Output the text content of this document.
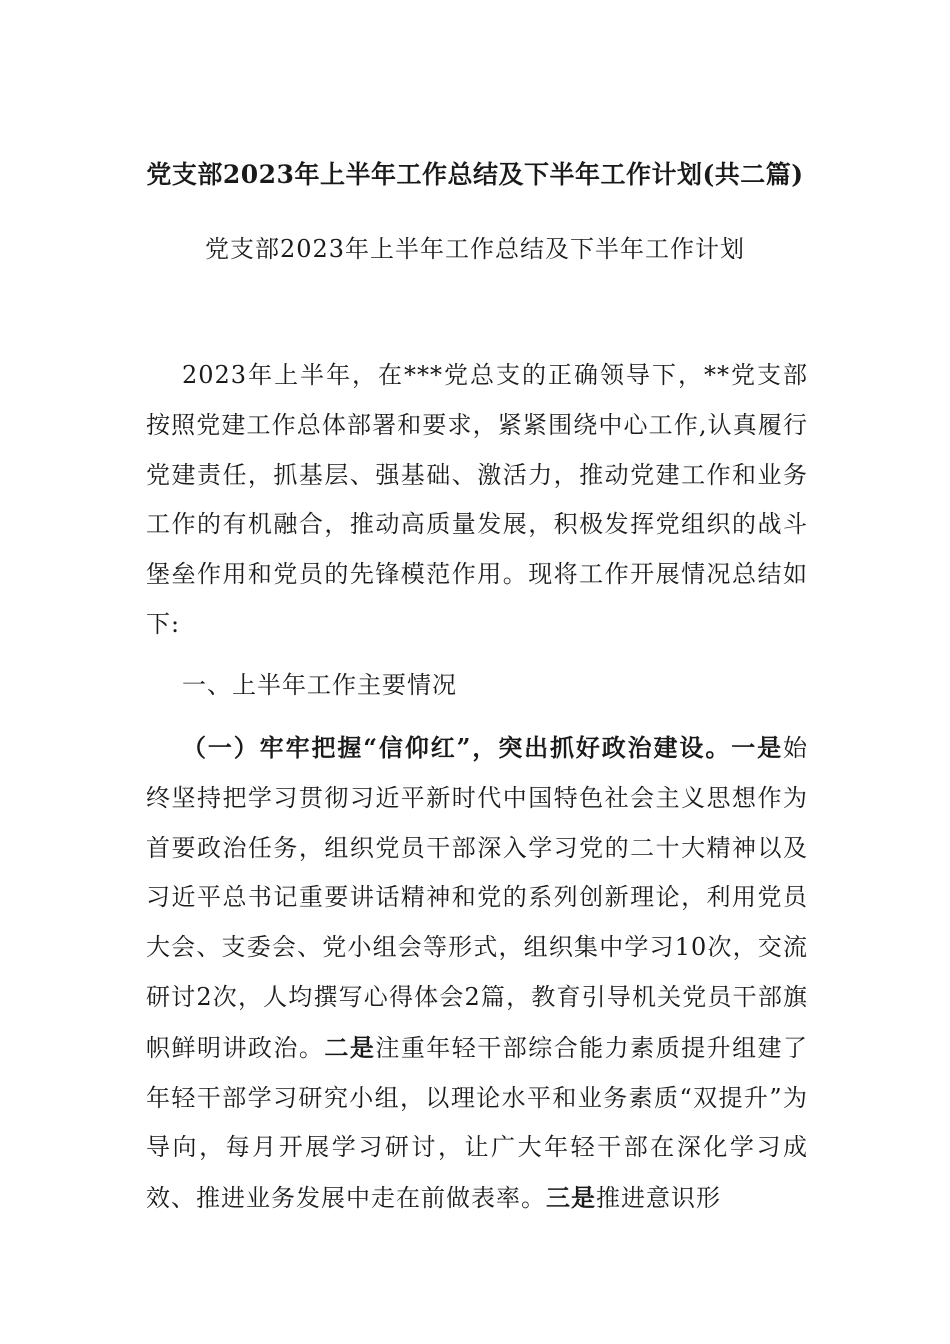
党支部2023年上半年工作总结及下半年工作计划(共二篇)
党支部2023年上半年工作总结及下半年工作计划

2023年上半年，在***党总支的正确领导下，**党支部按照党建工作总体部署和要求，紧紧围绕中心工作,认真履行党建责任，抓基层、强基础、激活力，推动党建工作和业务工作的有机融合，推动高质量发展，积极发挥党组织的战斗堡垒作用和党员的先锋模范作用。现将工作开展情况总结如下:

一、上半年工作主要情况

（一）牢牢把握“信仰红”，突出抓好政治建设。一是始终坚持把学习贯彻习近平新时代中国特色社会主义思想作为首要政治任务，组织党员干部深入学习党的二十大精神以及习近平总书记重要讲话精神和党的系列创新理论，利用党员大会、支委会、党小组会等形式，组织集中学习10次，交流研讨2次，人均撰写心得体会2篇，教育引导机关党员干部旗帜鲜明讲政治。二是注重年轻干部综合能力素质提升组建了年轻干部学习研究小组，以理论水平和业务素质“双提升”为导向，每月开展学习研讨，让广大年轻干部在深化学习成效、推进业务发展中走在前做表率。三是推进意识形
